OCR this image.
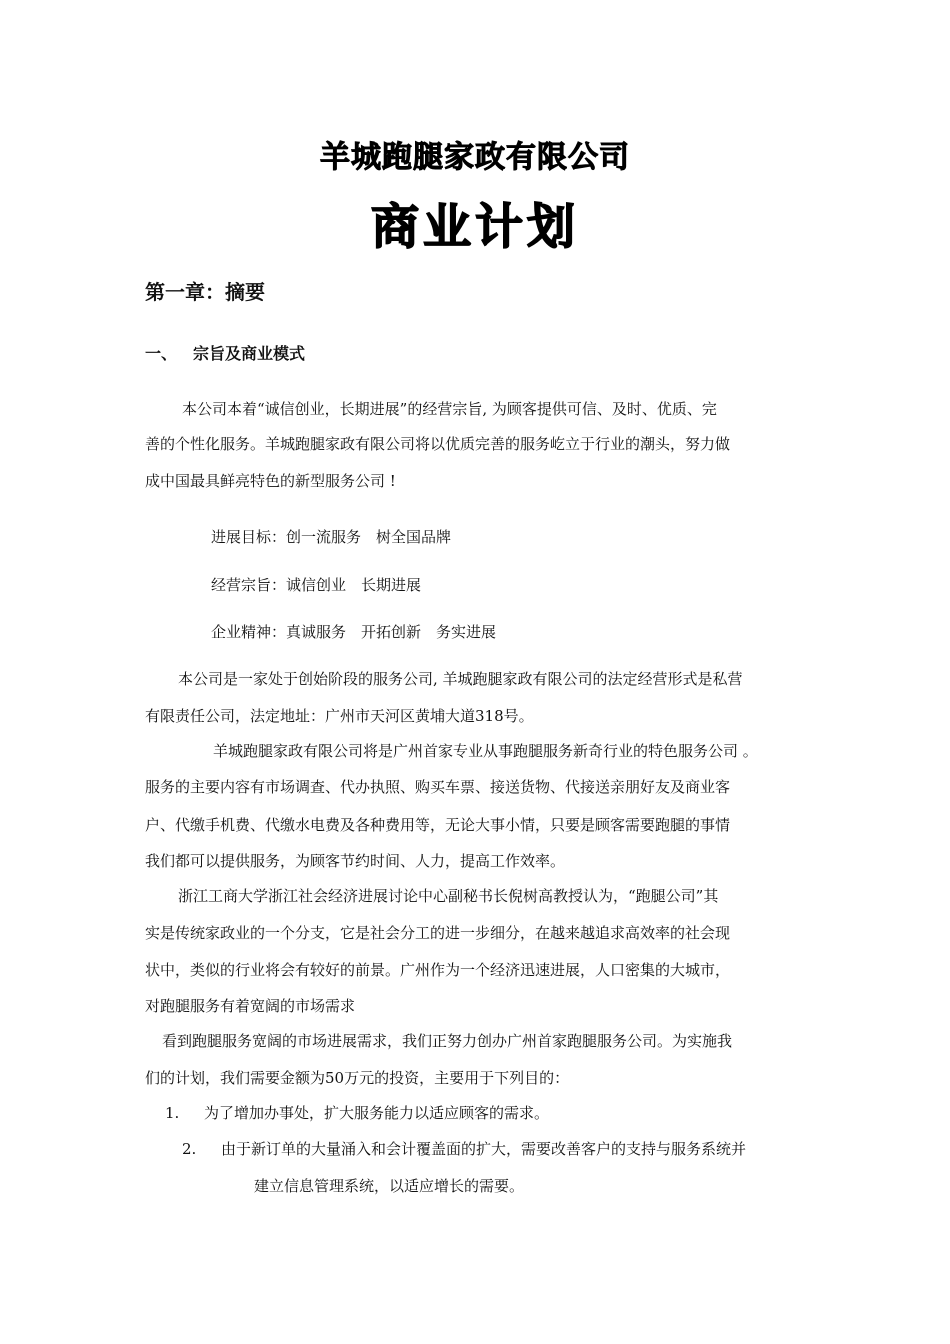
羊城跑腿家政有限公司
商业计划
第一章：摘要
一、 宗旨及商业模式
本公司本着“诚信创业，长期进展”的经营宗旨, 为顾客提供可信、及时、优质、完
善的个性化服务。羊城跑腿家政有限公司将以优质完善的服务屹立于行业的潮头，努力做
成中国最具鲜亮特色的新型服务公司 !
进展目标：创一流服务　树全国品牌
经营宗旨：诚信创业　长期进展
企业精神：真诚服务　开拓创新　务实进展
本公司是一家处于创始阶段的服务公司, 羊城跑腿家政有限公司的法定经营形式是私营
有限责任公司，法定地址：广州市天河区黄埔大道318号。
羊城跑腿家政有限公司将是广州首家专业从事跑腿服务新奇行业的特色服务公司 。
服务的主要内容有市场调查、代办执照、购买车票、接送货物、代接送亲朋好友及商业客
户、代缴手机费、代缴水电费及各种费用等，无论大事小情，只要是顾客需要跑腿的事情
我们都可以提供服务，为顾客节约时间、人力，提高工作效率。
浙江工商大学浙江社会经济进展讨论中心副秘书长倪树高教授认为，“跑腿公司”其
实是传统家政业的一个分支，它是社会分工的进一步细分，在越来越追求高效率的社会现
状中，类似的行业将会有较好的前景。广州作为一个经济迅速进展，人口密集的大城市，
对跑腿服务有着宽阔的市场需求
看到跑腿服务宽阔的市场进展需求，我们正努力创办广州首家跑腿服务公司。为实施我
们的计划，我们需要金额为50万元的投资，主要用于下列目的：
1. 为了增加办事处，扩大服务能力以适应顾客的需求。
2. 由于新订单的大量涌入和会计覆盖面的扩大，需要改善客户的支持与服务系统并
建立信息管理系统，以适应增长的需要。
